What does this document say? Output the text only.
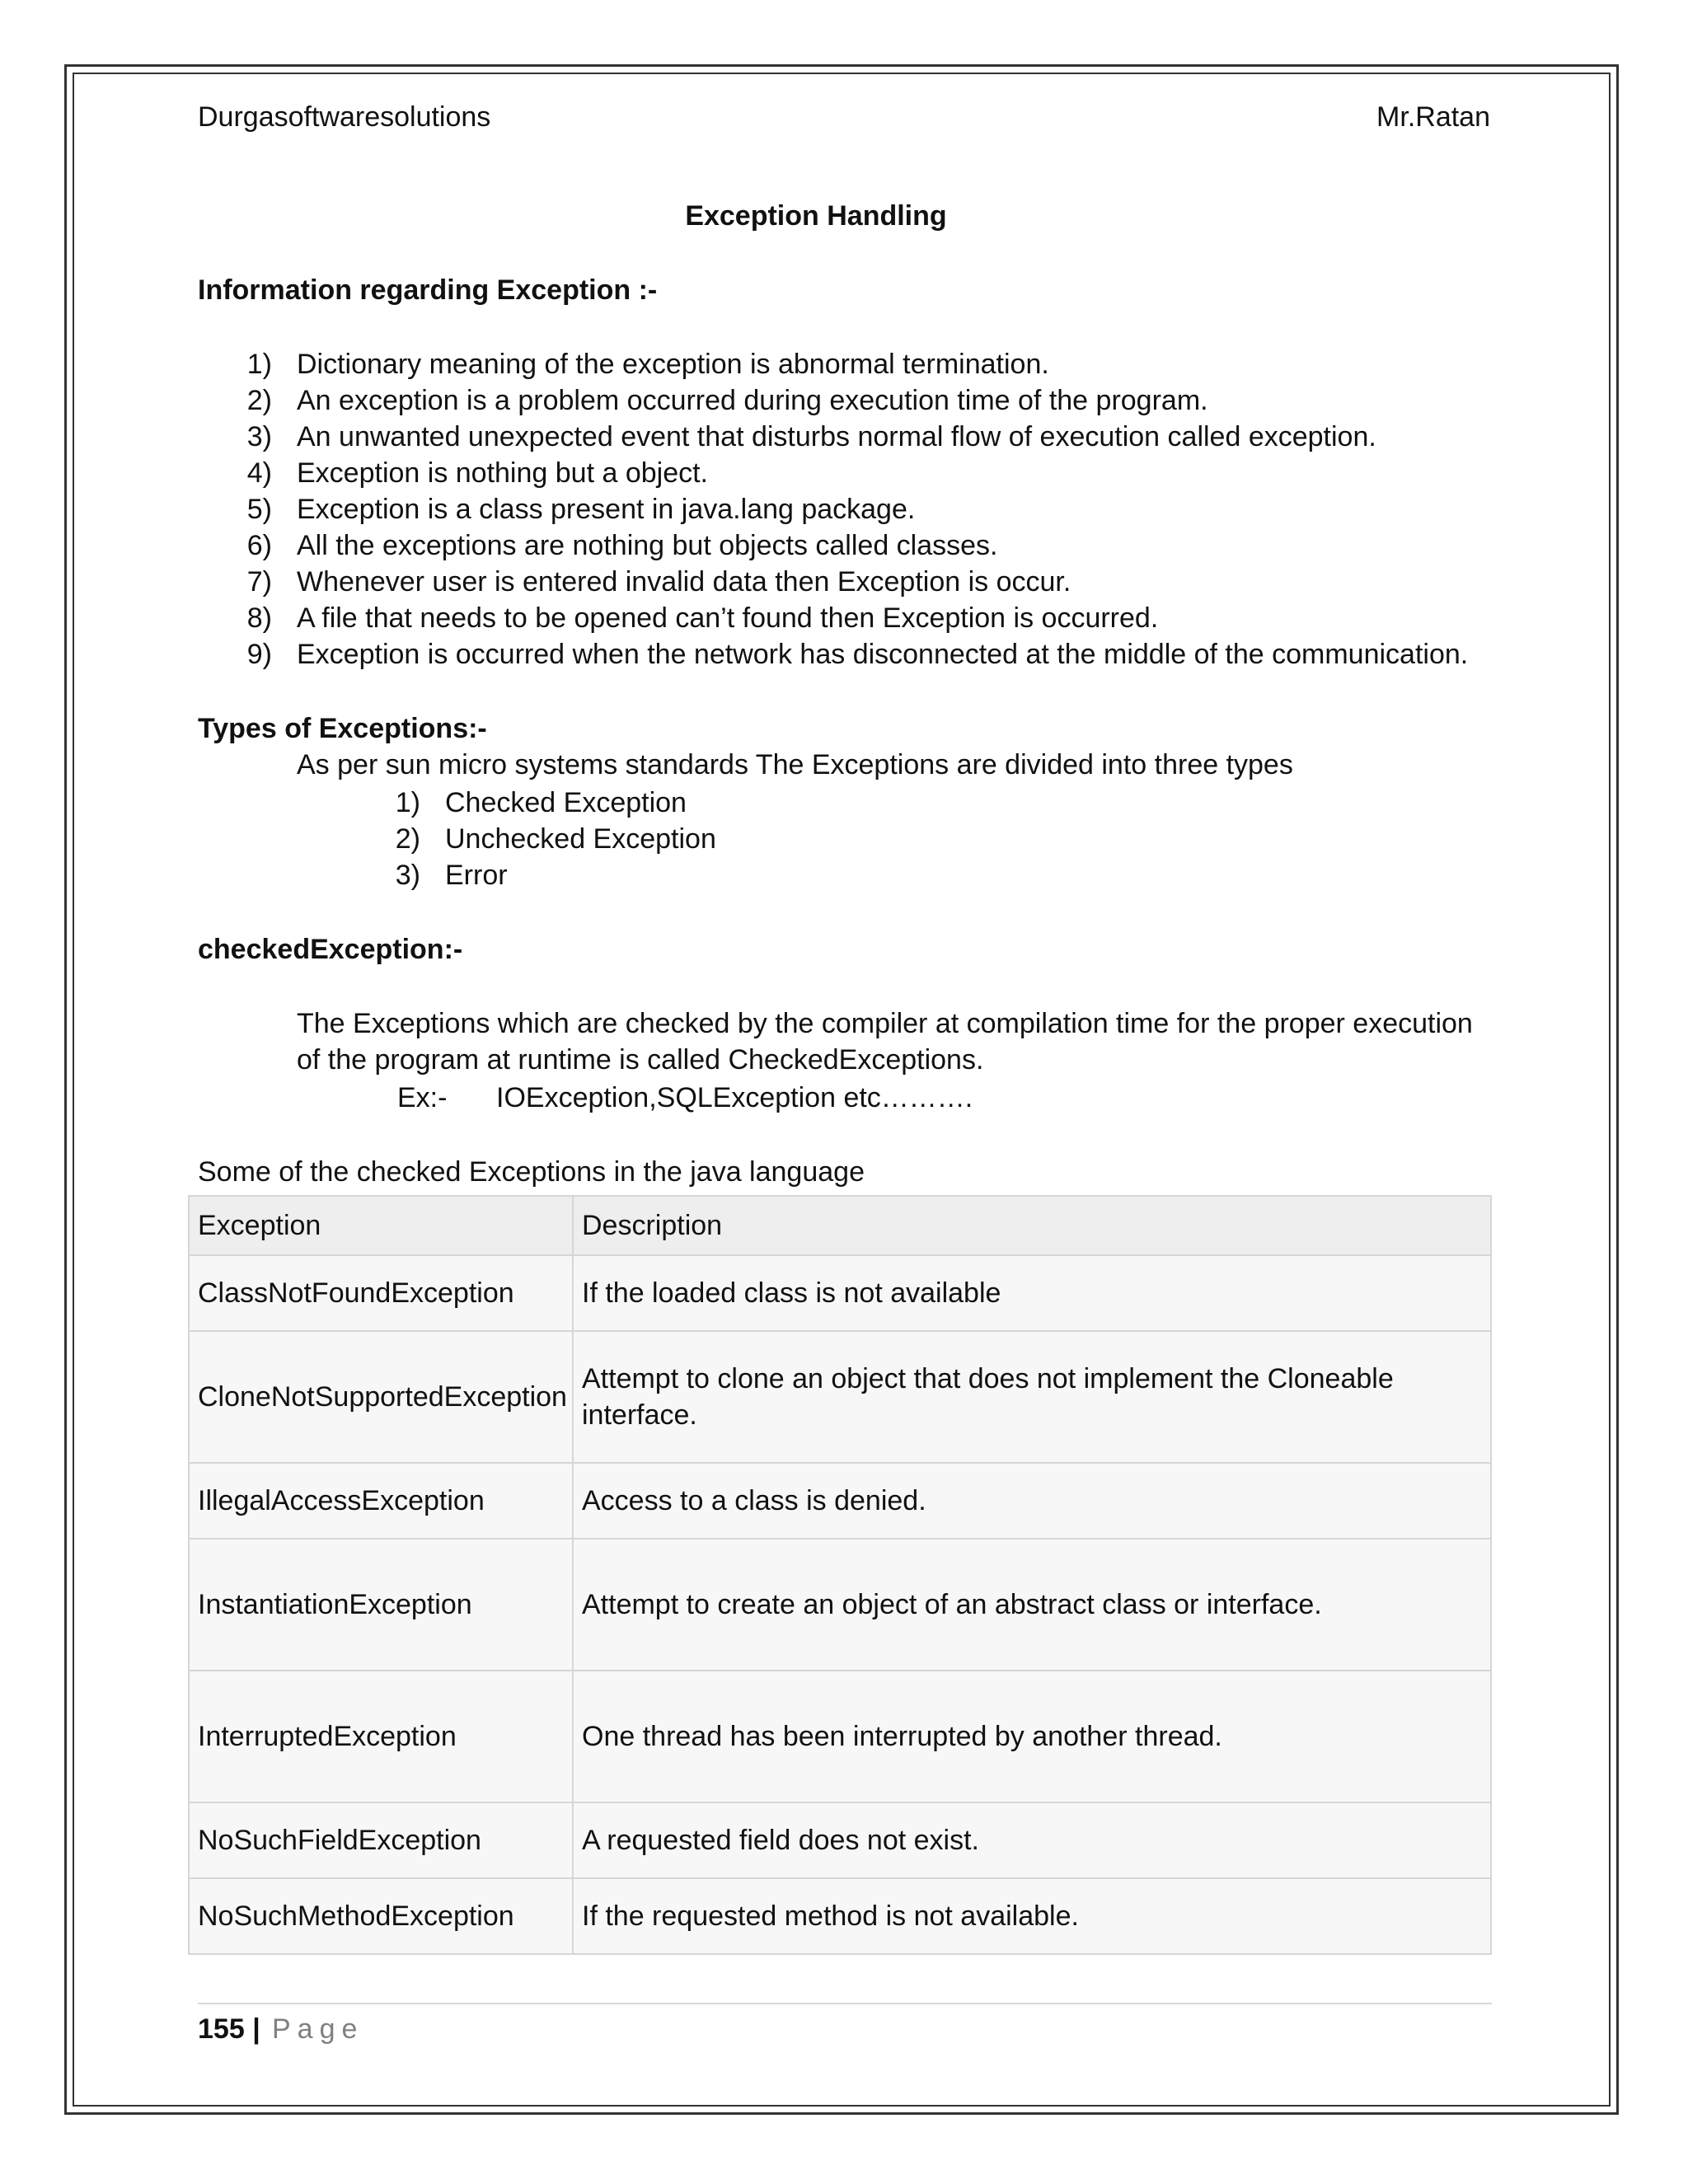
Durgasoftwaresolutions	Mr.Ratan
Exception Handling
Information regarding Exception :-
1) Dictionary meaning of the exception is abnormal termination.
2) An exception is a problem occurred during execution time of the program.
3) An unwanted unexpected event that disturbs normal flow of execution called exception.
4) Exception is nothing but a object.
5) Exception is a class present in java.lang package.
6) All the exceptions are nothing but objects called classes.
7) Whenever user is entered invalid data then Exception is occur.
8) A file that needs to be opened can’t found then Exception is occurred.
9) Exception is occurred when the network has disconnected at the middle of the communication.
Types of Exceptions:-
As per sun micro systems standards The Exceptions are divided into three types
1) Checked Exception
2) Unchecked Exception
3) Error
checkedException:-
The Exceptions which are checked by the compiler at compilation time for the proper execution
of the program at runtime is called CheckedExceptions.
Ex:- IOException,SQLException etc……….
Some of the checked Exceptions in the java language
Exception	Description
ClassNotFoundException	If the loaded class is not available
CloneNotSupportedException	Attempt to clone an object that does not implement the Cloneable interface.
IllegalAccessException	Access to a class is denied.
InstantiationException	Attempt to create an object of an abstract class or interface.
InterruptedException	One thread has been interrupted by another thread.
NoSuchFieldException	A requested field does not exist.
NoSuchMethodException	If the requested method is not available.
155 | Page
